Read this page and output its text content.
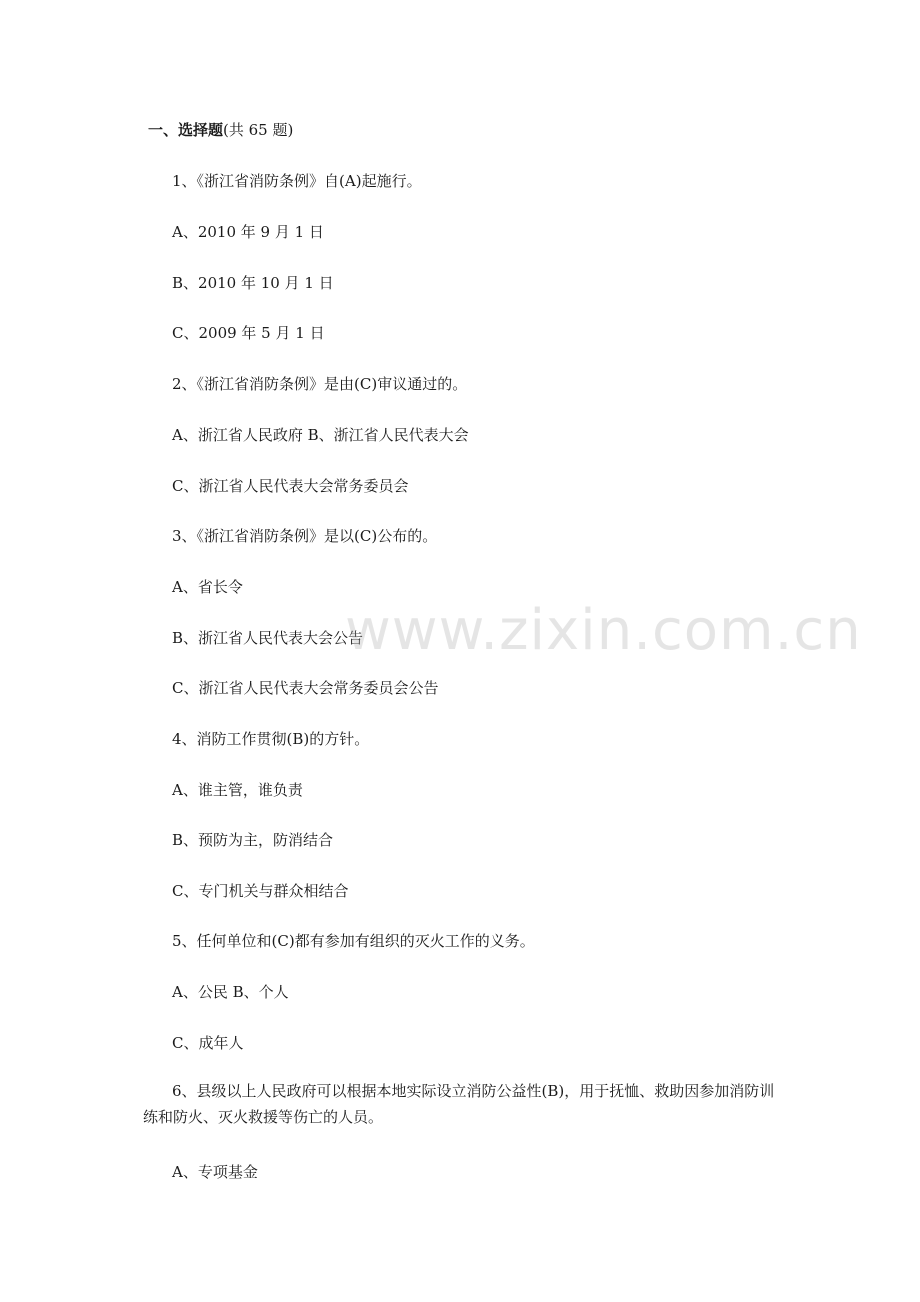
一、选择题(共 65 题)
1、《浙江省消防条例》自(A)起施行。
A、2010 年 9 月 1 日
B、2010 年 10 月 1 日
C、2009 年 5 月 1 日
2、《浙江省消防条例》是由(C)审议通过的。
A、浙江省人民政府 B、浙江省人民代表大会
C、浙江省人民代表大会常务委员会
3、《浙江省消防条例》是以(C)公布的。
A、省长令
B、浙江省人民代表大会公告
C、浙江省人民代表大会常务委员会公告
4、消防工作贯彻(B)的方针。
A、谁主管，谁负责
B、预防为主，防消结合
C、专门机关与群众相结合
5、任何单位和(C)都有参加有组织的灭火工作的义务。
A、公民 B、个人
C、成年人
6、县级以上人民政府可以根据本地实际设立消防公益性(B)，用于抚恤、救助因参加消防训练和防火、灭火救援等伤亡的人员。
A、专项基金
www.zixin.com.cn
